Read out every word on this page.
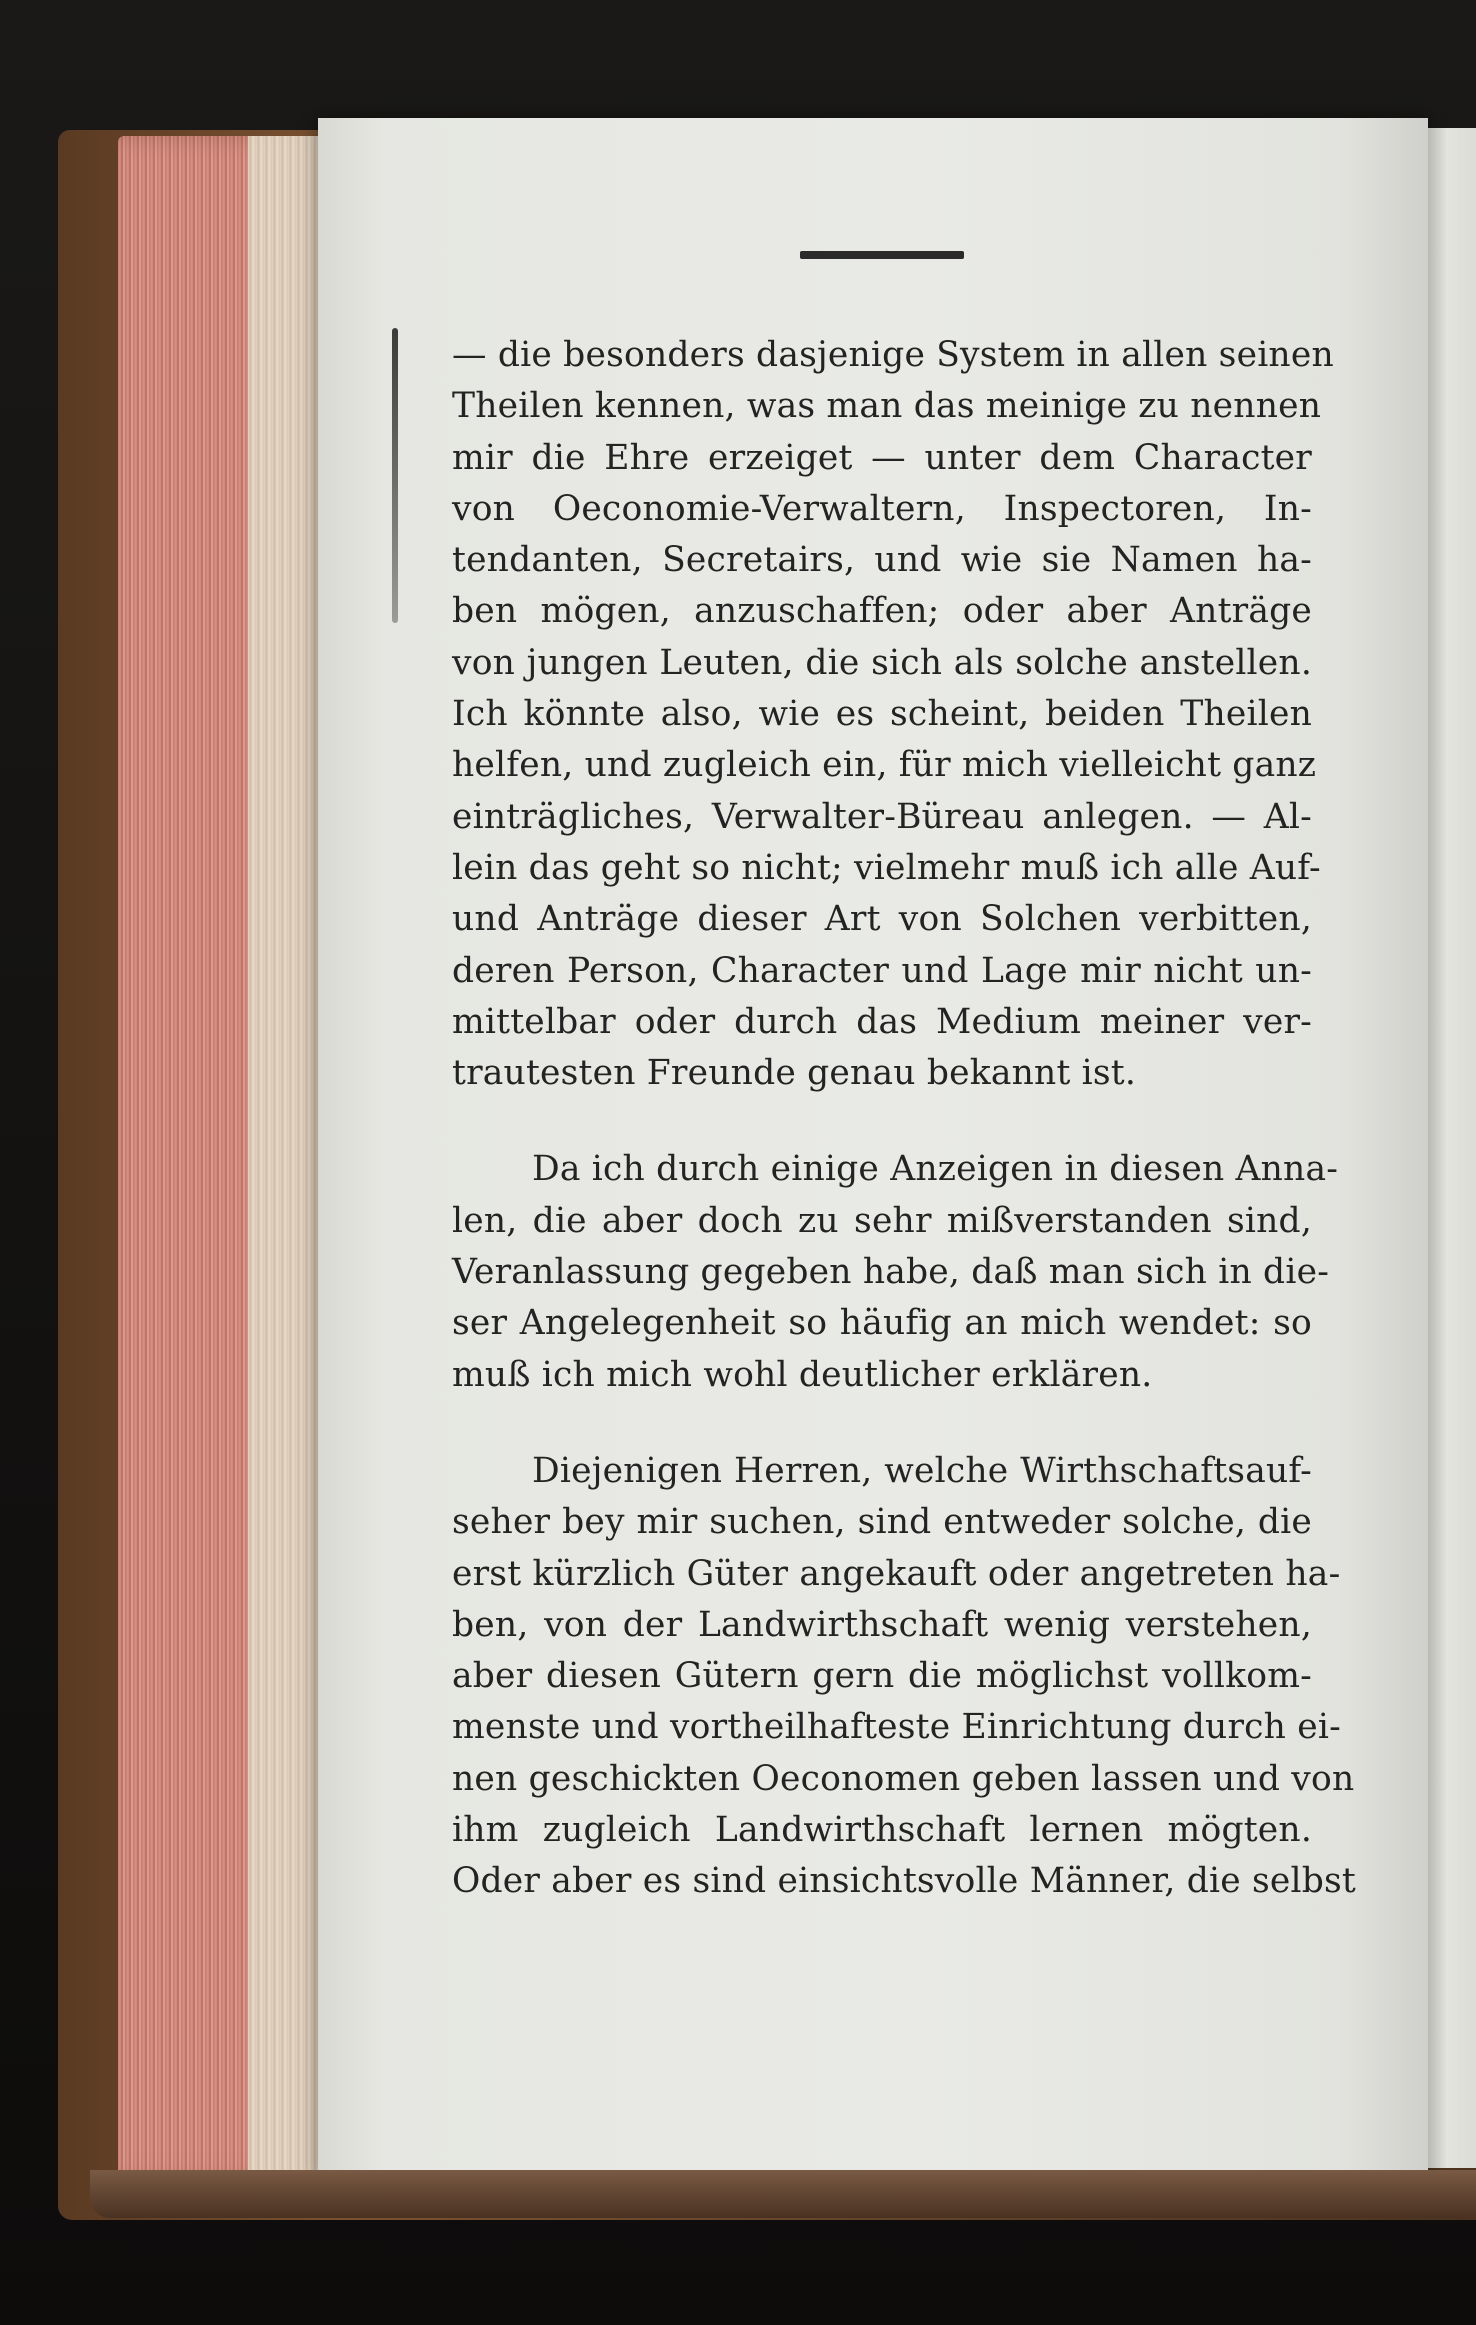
— die besonders dasjenige System in allen seinen
Theilen kennen, was man das meinige zu nennen
mir die Ehre erzeiget — unter dem Character
von Oeconomie-Verwaltern, Inspectoren, In-
tendanten, Secretairs, und wie sie Namen ha-
ben mögen, anzuschaffen; oder aber Anträge
von jungen Leuten, die sich als solche anstellen.
Ich könnte also, wie es scheint, beiden Theilen
helfen, und zugleich ein, für mich vielleicht ganz
einträgliches, Verwalter-Büreau anlegen. — Al-
lein das geht so nicht; vielmehr muß ich alle Auf-
und Anträge dieser Art von Solchen verbitten,
deren Person, Character und Lage mir nicht un-
mittelbar oder durch das Medium meiner ver-
trautesten Freunde genau bekannt ist.
Da ich durch einige Anzeigen in diesen Anna-
len, die aber doch zu sehr mißverstanden sind,
Veranlassung gegeben habe, daß man sich in die-
ser Angelegenheit so häufig an mich wendet: so
muß ich mich wohl deutlicher erklären.
Diejenigen Herren, welche Wirthschaftsauf-
seher bey mir suchen, sind entweder solche, die
erst kürzlich Güter angekauft oder angetreten ha-
ben, von der Landwirthschaft wenig verstehen,
aber diesen Gütern gern die möglichst vollkom-
menste und vortheilhafteste Einrichtung durch ei-
nen geschickten Oeconomen geben lassen und von
ihm zugleich Landwirthschaft lernen mögten.
Oder aber es sind einsichtsvolle Männer, die selbst
